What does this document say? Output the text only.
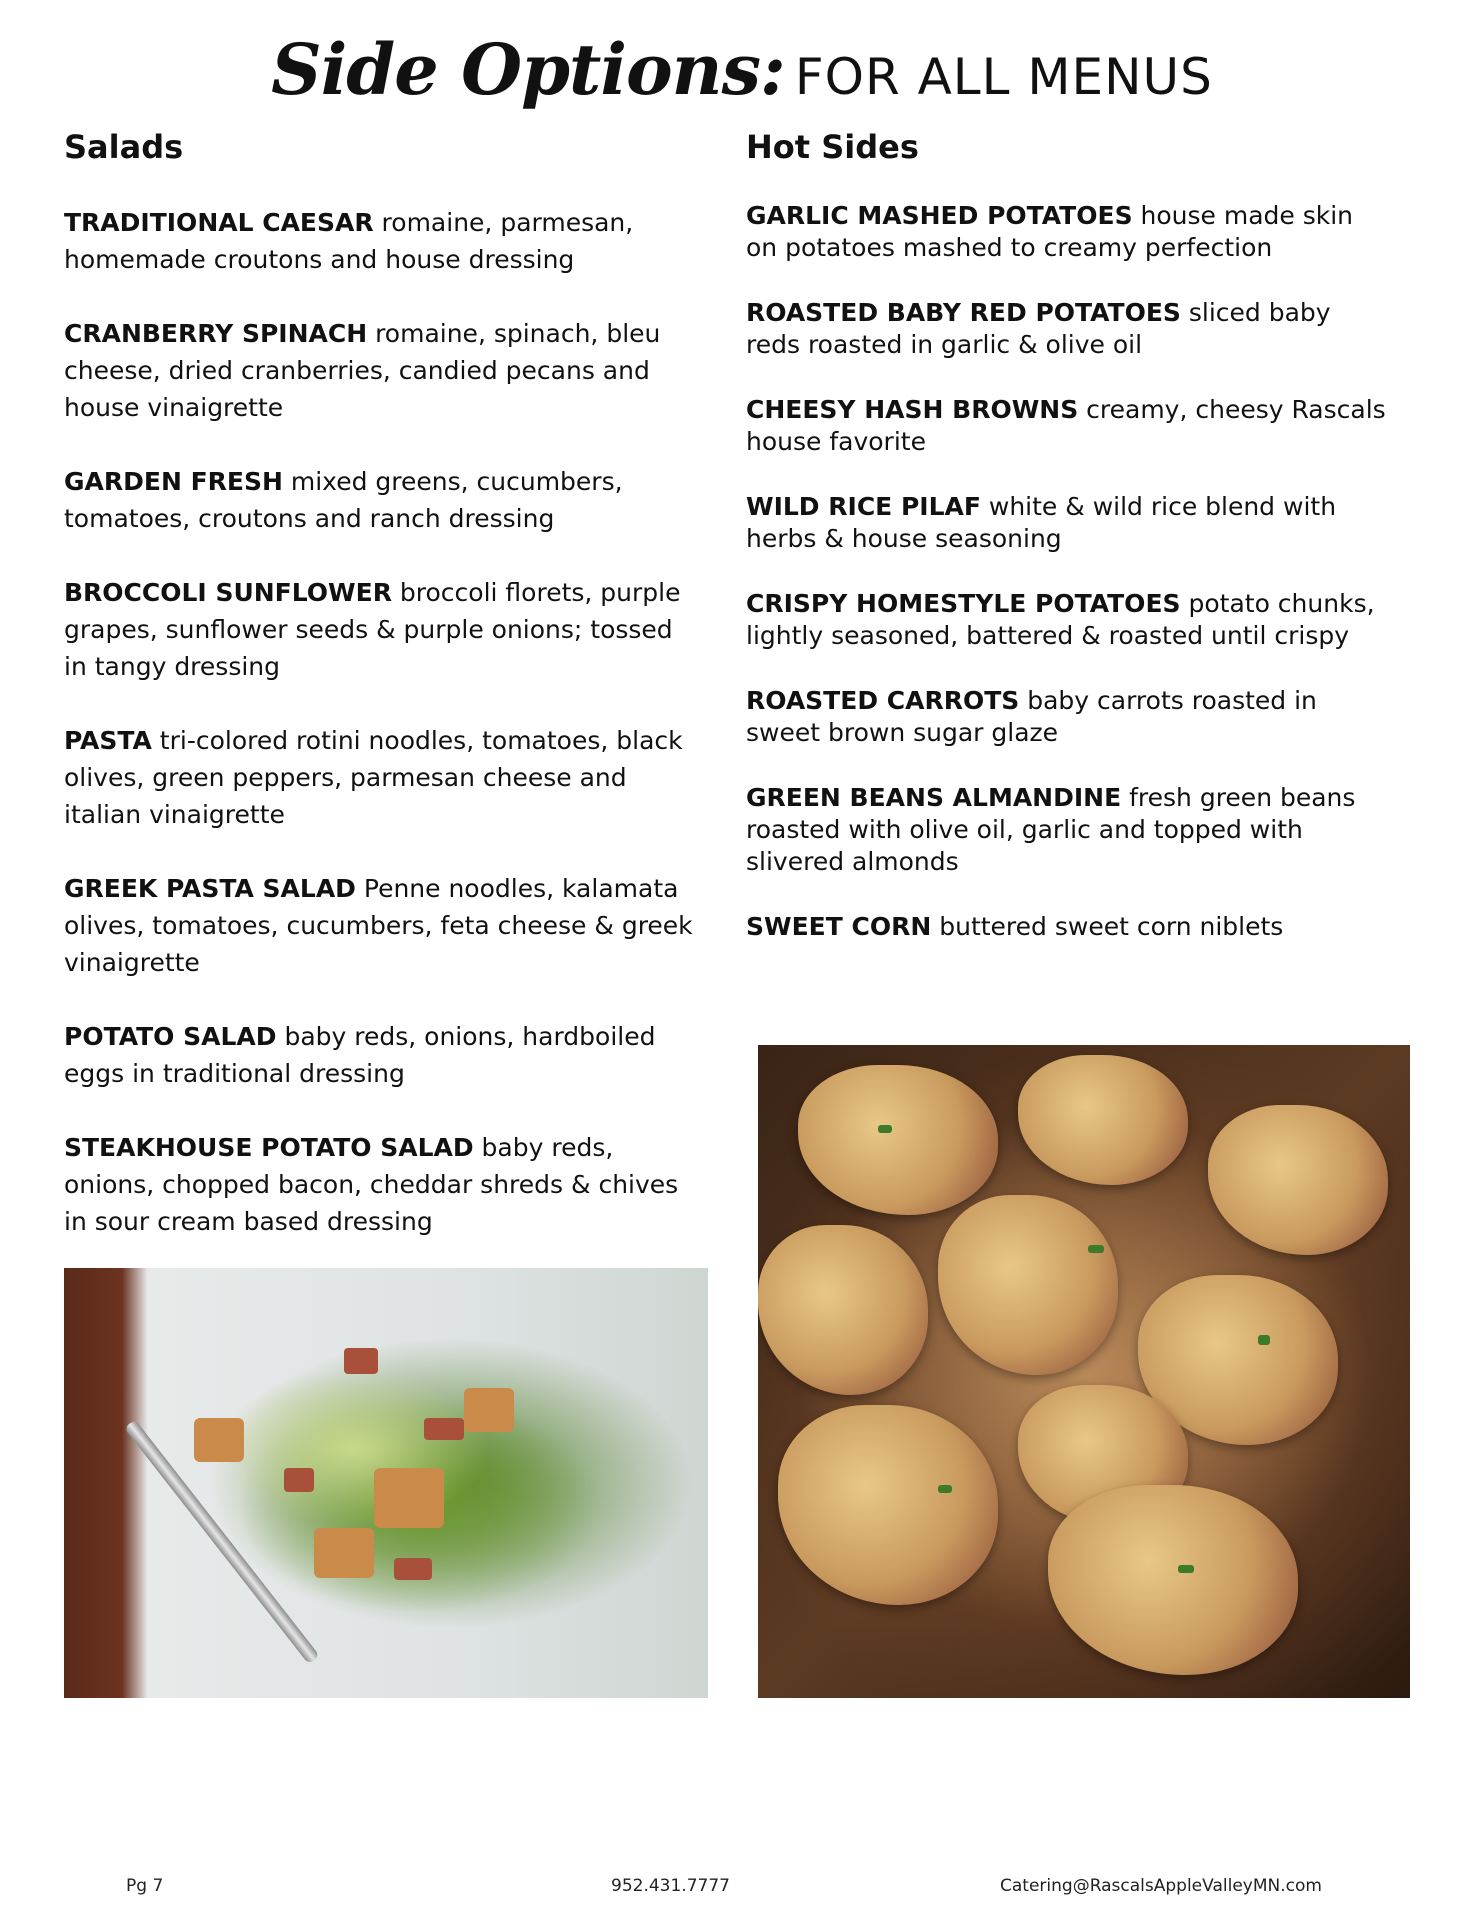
Side Options: FOR ALL MENUS
Salads
TRADITIONAL CAESAR romaine, parmesan, homemade croutons and house dressing
CRANBERRY SPINACH romaine, spinach, bleu cheese, dried cranberries, candied pecans and house vinaigrette
GARDEN FRESH mixed greens, cucumbers, tomatoes, croutons and ranch dressing
BROCCOLI SUNFLOWER broccoli florets, purple grapes, sunflower seeds & purple onions; tossed in tangy dressing
PASTA tri-colored rotini noodles, tomatoes, black olives, green peppers, parmesan cheese and italian vinaigrette
GREEK PASTA SALAD Penne noodles, kalamata olives, tomatoes, cucumbers, feta cheese & greek vinaigrette
POTATO SALAD baby reds, onions, hardboiled eggs in traditional dressing
STEAKHOUSE POTATO SALAD baby reds, onions, chopped bacon, cheddar shreds & chives in sour cream based dressing
Hot Sides
GARLIC MASHED POTATOES house made skin on potatoes mashed to creamy perfection
ROASTED BABY RED POTATOES sliced baby reds roasted in garlic & olive oil
CHEESY HASH BROWNS creamy, cheesy Rascals house favorite
WILD RICE PILAF white & wild rice blend with herbs & house seasoning
CRISPY HOMESTYLE POTATOES potato chunks, lightly seasoned, battered & roasted until crispy
ROASTED CARROTS baby carrots roasted in sweet brown sugar glaze
GREEN BEANS ALMANDINE fresh green beans roasted with olive oil, garlic and topped with slivered almonds
SWEET CORN buttered sweet corn niblets
Pg 7	952.431.7777	Catering@RascalsAppleValleyMN.com
